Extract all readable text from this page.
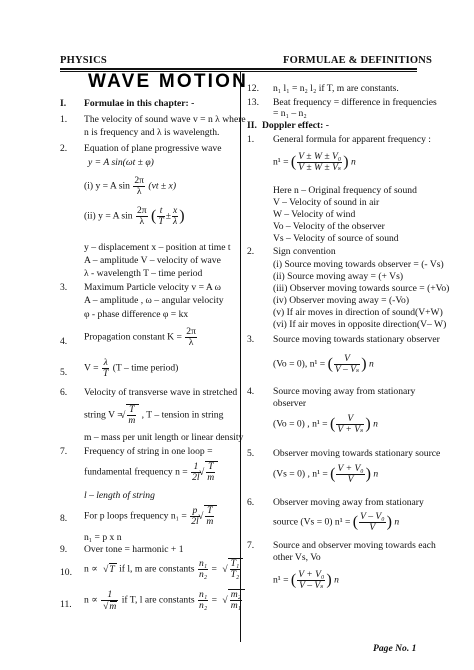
PHYSICS	FORMULAE & DEFINITIONS
WAVE MOTION
I. Formulae in this chapter: -
1. The velocity of sound wave v = n λ where
n is frequency and λ is wavelength.
2. Equation of plane progressive wave
y = A sin(ωt ± φ)
(i) y = A $\sin \frac{2\pi}{\lambda} (vt \pm x)$
(ii) y = A $\sin \frac{2\pi}{\lambda}$ ( $\frac{t}{T} \pm \frac{x}{\lambda}$ )
y – displacement x – position at time t
A – amplitude V – velocity of wave
λ - wavelength T – time period
3. Maximum Particle velocity v = A ω
A – amplitude , ω – angular velocity
φ - phase difference φ = kx
4. Propagation constant $K = \frac{2\pi}{\lambda}$
5. $V = \frac{\lambda}{T} (T$ – time period)
6. Velocity of transverse wave in stretched
string V = √ $\frac{T}{m}$ , T – tension in string
m – mass per unit length or linear density
7. Frequency of string in one loop =
fundamental frequency $n = \frac{1}{2l}$
√ $\frac{T}{m}$
l – length of string
8. For p loops frequency $n_1 = \frac{p}{2l}$
√ $\frac{T}{m}$
n₁ = p x n
9. Over tone = harmonic + 1
10. n ∝ √ T if l, m are constants $\frac{\text{n₁}}{\text{n₂}}$ = √ $\frac{\text{T₁}}{\text{T₂}}$
11. n ∝ 1
√ m if T, l are constants $\frac{\text{n₁}}{\text{n₂}}$ = √ $\frac{\text{m₂}}{\text{m₁}}$
12. n₁ l₁ = n₂ l₂ if T, m are constants.
13. Beat frequency = difference in frequencies
= n₁ – n₂
II. Doppler effect: -
1. General formula for apparent frequency :
n¹ = ( $\frac{\text{V ± W ± V₀}}{\text{V ± W ± Vₛ}}$ ) n
Here n – Original frequency of sound
V – Velocity of sound in air
W – Velocity of wind
Vo – Velocity of the observer
Vs – Velocity of source of sound
2. Sign convention
(i) Source moving towards observer = (- Vs)
(ii) Source moving away = (+ Vs)
(iii) Observer moving towards source = (+Vo)
(iv) Observer moving away = (-Vo)
(v) If air moves in direction of sound(V+W)
(vi) If air moves in opposite direction(V– W)
3. Source moving towards stationary observer
(Vo = 0), n¹ = ( $\frac{V}{\text{V – Vₛ}}$ ) n
4. Source moving away from stationary
observer
(Vo = 0) , n¹ = ( $\frac{V}{\text{V + Vₛ}}$ ) n
5. Observer moving towards stationary source
(Vs = 0) , n¹ = ( $\frac{\text{V + V₀}}{V}$ ) n
6. Observer moving away from stationary
source (Vs = 0) n¹ = ( $\frac{\text{V – V₀}}{V}$ ) n
7. Source and observer moving towards each
other Vs, Vo
n¹ = ( $\frac{\text{V + V₀}}{\text{V – Vₛ}}$ ) n
Page No. 1
